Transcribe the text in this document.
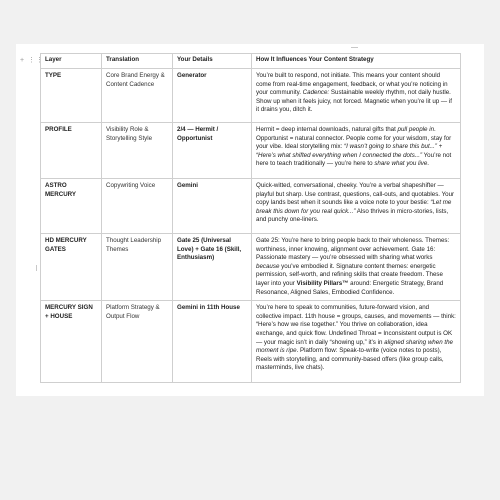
+ ⋮⋮ Layer	Translation	Your Details	How It Influences Your Content Strategy
TYPE	Core Brand Energy & Content Cadence	Generator	You’re built to respond, not initiate. This means your content should come from real-time engagement, feedback, or what you’re noticing in your community. Cadence: Sustainable weekly rhythm, not daily hustle. Show up when it feels juicy, not forced. Magnetic when you’re lit up — if it drains you, ditch it.
PROFILE	Visibility Role & Storytelling Style	2/4 — Hermit / Opportunist	Hermit = deep internal downloads, natural gifts that pull people in. Opportunist = natural connector. People come for your wisdom, stay for your vibe. Ideal storytelling mix: “I wasn’t going to share this but...” + “Here’s what shifted everything when I connected the dots...” You’re not here to teach traditionally — you’re here to share what you live.
ASTRO MERCURY	Copywriting Voice	Gemini	Quick-witted, conversational, cheeky. You’re a verbal shapeshifter — playful but sharp. Use contrast, questions, call-outs, and quotables. Your copy lands best when it sounds like a voice note to your bestie: “Let me break this down for you real quick...” Also thrives in micro-stories, lists, and punchy one-liners.
HD MERCURY GATES	Thought Leadership Themes	Gate 25 (Universal Love) + Gate 16 (Skill, Enthusiasm)	Gate 25: You’re here to bring people back to their wholeness. Themes: worthiness, inner knowing, alignment over achievement. Gate 16: Passionate mastery — you’re obsessed with sharing what works because you’ve embodied it. Signature content themes: energetic permission, self-worth, and refining skills that create freedom. These layer into your Visibility Pillars™ around: Energetic Strategy, Brand Resonance, Aligned Sales, Embodied Confidence.
MERCURY SIGN + HOUSE	Platform Strategy & Output Flow	Gemini in 11th House	You’re here to speak to communities, future-forward vision, and collective impact. 11th house = groups, causes, and movements — think: “Here’s how we rise together.” You thrive on collaboration, idea exchange, and quick flow. Undefined Throat = Inconsistent output is OK — your magic isn’t in daily “showing up,” it’s in aligned sharing when the moment is ripe. Platform flow: Speak-to-write (voice notes to posts), Reels with storytelling, and community-based offers (like group calls, masterminds, live chats).
